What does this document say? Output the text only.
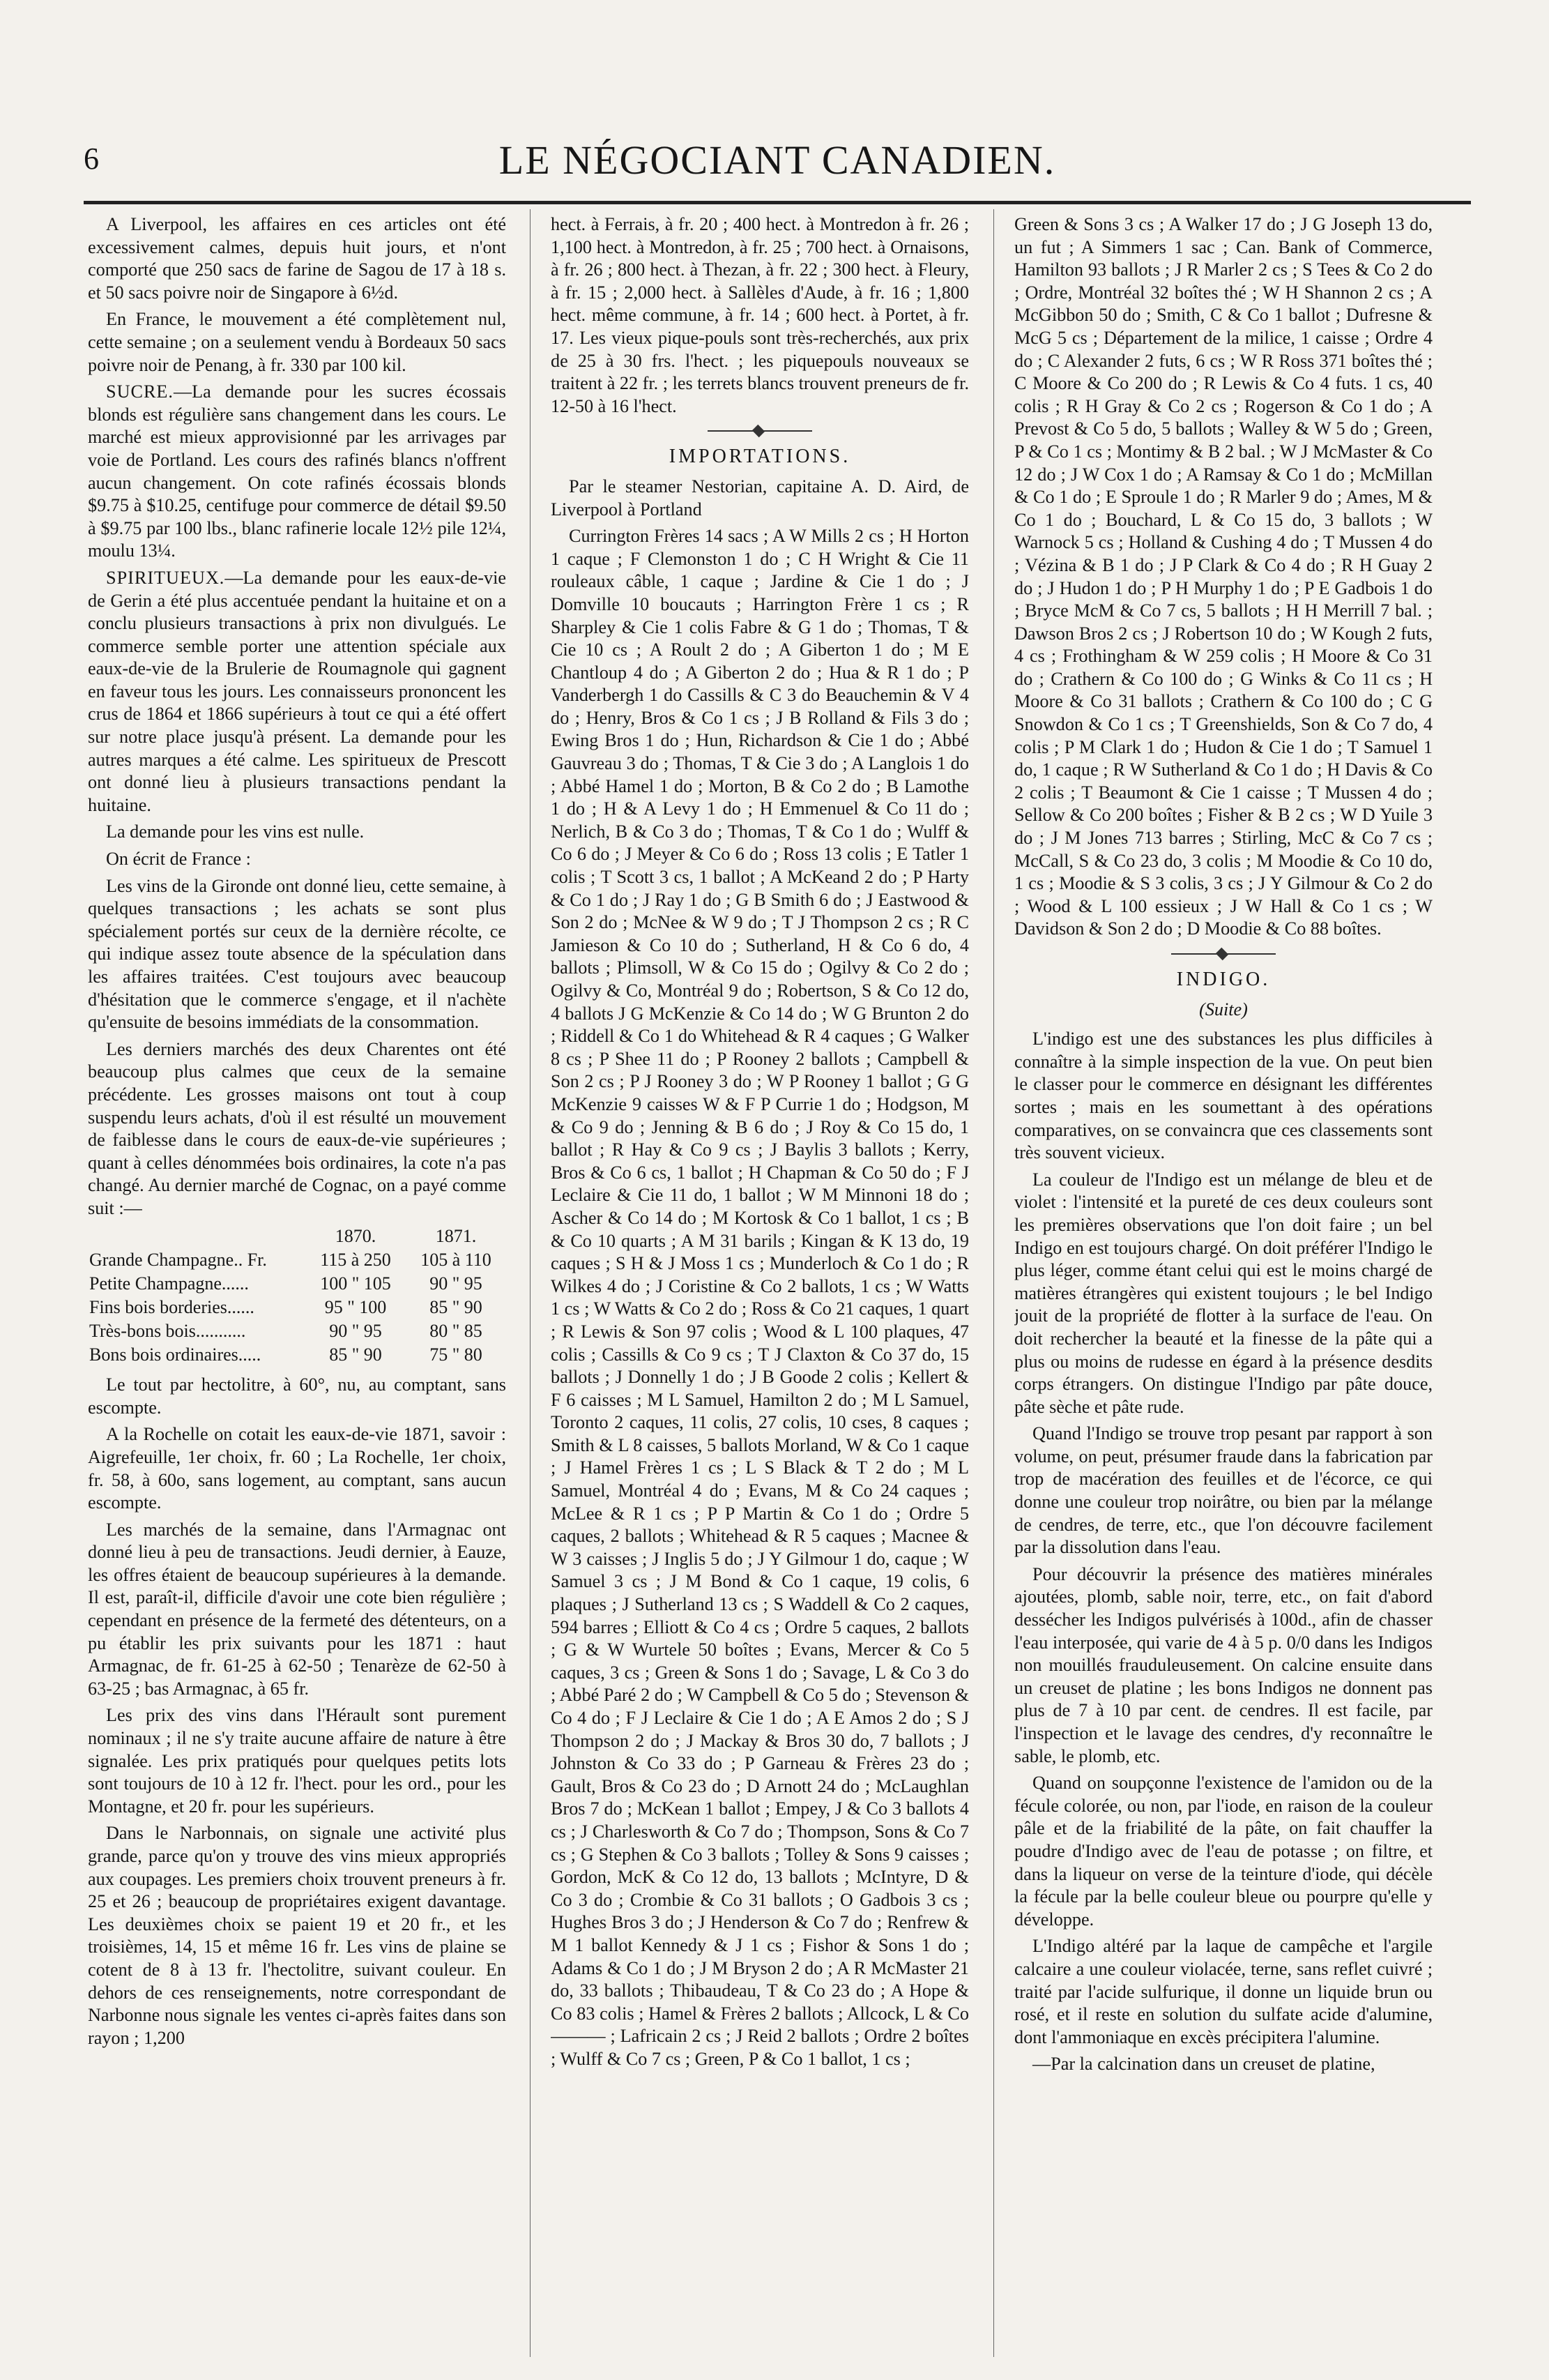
6	LE NÉGOCIANT CANADIEN.

A Liverpool, les affaires en ces articles ont été excessivement calmes, depuis huit jours, et n'ont comporté que 250 sacs de farine de Sagou de 17 à 18 s. et 50 sacs poivre noir de Singapore à 6½d.

En France, le mouvement a été complètement nul, cette semaine ; on a seulement vendu à Bordeaux 50 sacs poivre noir de Penang, à fr. 330 par 100 kil.

SUCRE.—La demande pour les sucres écossais blonds est régulière sans changement dans les cours. Le marché est mieux approvisionné par les arrivages par voie de Portland. Les cours des rafinés blancs n'offrent aucun changement. On cote rafinés écossais blonds $9.75 à $10.25, centifuge pour commerce de détail $9.50 à $9.75 par 100 lbs., blanc rafinerie locale 12½ pile 12¼, moulu 13¼.

SPIRITUEUX.—La demande pour les eaux-de-vie de Gerin a été plus accentuée pendant la huitaine et on a conclu plusieurs transactions à prix non divulgués. Le commerce semble porter une attention spéciale aux eaux-de-vie de la Brulerie de Roumagnole qui gagnent en faveur tous les jours. Les connaisseurs prononcent les crus de 1864 et 1866 supérieurs à tout ce qui a été offert sur notre place jusqu'à présent. La demande pour les autres marques a été calme. Les spiritueux de Prescott ont donné lieu à plusieurs transactions pendant la huitaine.

La demande pour les vins est nulle.

On écrit de France :

Les vins de la Gironde ont donné lieu, cette semaine, à quelques transactions ; les achats se sont plus spécialement portés sur ceux de la dernière récolte, ce qui indique assez toute absence de la spéculation dans les affaires traitées. C'est toujours avec beaucoup d'hésitation que le commerce s'engage, et il n'achète qu'ensuite de besoins immédiats de la consommation.

Les derniers marchés des deux Charentes ont été beaucoup plus calmes que ceux de la semaine précédente. Les grosses maisons ont tout à coup suspendu leurs achats, d'où il est résulté un mouvement de faiblesse dans le cours de eaux-de-vie supérieures ; quant à celles dénommées bois ordinaires, la cote n'a pas changé. Au dernier marché de Cognac, on a payé comme suit :—

	1870.	1871.
Grande Champagne.. Fr.	115 à 250	105 à 110
Petite Champagne......	100 " 105	90 " 95
Fins bois borderies......	95 " 100	85 " 90
Très-bons bois...........	90 " 95	80 " 85
Bons bois ordinaires.....	85 " 90	75 " 80

Le tout par hectolitre, à 60°, nu, au comptant, sans escompte.

A la Rochelle on cotait les eaux-de-vie 1871, savoir : Aigrefeuille, 1er choix, fr. 60 ; La Rochelle, 1er choix, fr. 58, à 60o, sans logement, au comptant, sans aucun escompte.

Les marchés de la semaine, dans l'Armagnac ont donné lieu à peu de transactions. Jeudi dernier, à Eauze, les offres étaient de beaucoup supérieures à la demande. Il est, paraît-il, difficile d'avoir une cote bien régulière ; cependant en présence de la fermeté des détenteurs, on a pu établir les prix suivants pour les 1871 : haut Armagnac, de fr. 61-25 à 62-50 ; Tenarèze de 62-50 à 63-25 ; bas Armagnac, à 65 fr.

Les prix des vins dans l'Hérault sont purement nominaux ; il ne s'y traite aucune affaire de nature à être signalée. Les prix pratiqués pour quelques petits lots sont toujours de 10 à 12 fr. l'hect. pour les ord., pour les Montagne, et 20 fr. pour les supérieurs.

Dans le Narbonnais, on signale une activité plus grande, parce qu'on y trouve des vins mieux appropriés aux coupages. Les premiers choix trouvent preneurs à fr. 25 et 26 ; beaucoup de propriétaires exigent davantage. Les deuxièmes choix se paient 19 et 20 fr., et les troisièmes, 14, 15 et même 16 fr. Les vins de plaine se cotent de 8 à 13 fr. l'hectolitre, suivant couleur. En dehors de ces renseignements, notre correspondant de Narbonne nous signale les ventes ci-après faites dans son rayon ; 1,200

hect. à Ferrais, à fr. 20 ; 400 hect. à Montredon à fr. 26 ; 1,100 hect. à Montredon, à fr. 25 ; 700 hect. à Ornaisons, à fr. 26 ; 800 hect. à Thezan, à fr. 22 ; 300 hect. à Fleury, à fr. 15 ; 2,000 hect. à Sallèles d'Aude, à fr. 16 ; 1,800 hect. même commune, à fr. 14 ; 600 hect. à Portet, à fr. 17. Les vieux pique-pouls sont très-recherchés, aux prix de 25 à 30 frs. l'hect. ; les piquepouls nouveaux se traitent à 22 fr. ; les terrets blancs trouvent preneurs de fr. 12-50 à 16 l'hect.

IMPORTATIONS.

Par le steamer Nestorian, capitaine A. D. Aird, de Liverpool à Portland

Currington Frères 14 sacs ; A W Mills 2 cs ; H Horton 1 caque ; F Clemonston 1 do ; C H Wright & Cie 11 rouleaux câble, 1 caque ; Jardine & Cie 1 do ; J Domville 10 boucauts ; Harrington Frère 1 cs ; R Sharpley & Cie 1 colis Fabre & G 1 do ; Thomas, T & Cie 10 cs ; A Roult 2 do ; A Giberton 1 do ; M E Chantloup 4 do ; A Giberton 2 do ; Hua & R 1 do ; P Vanderbergh 1 do Cassills & C 3 do Beauchemin & V 4 do ; Henry, Bros & Co 1 cs ; J B Rolland & Fils 3 do ; Ewing Bros 1 do ; Hun, Richardson & Cie 1 do ; Abbé Gauvreau 3 do ; Thomas, T & Cie 3 do ; A Langlois 1 do ; Abbé Hamel 1 do ; Morton, B & Co 2 do ; B Lamothe 1 do ; H & A Levy 1 do ; H Emmenuel & Co 11 do ; Nerlich, B & Co 3 do ; Thomas, T & Co 1 do ; Wulff & Co 6 do ; J Meyer & Co 6 do ; Ross 13 colis ; E Tatler 1 colis ; T Scott 3 cs, 1 ballot ; A McKeand 2 do ; P Harty & Co 1 do ; J Ray 1 do ; G B Smith 6 do ; J Eastwood & Son 2 do ; McNee & W 9 do ; T J Thompson 2 cs ; R C Jamieson & Co 10 do ; Sutherland, H & Co 6 do, 4 ballots ; Plimsoll, W & Co 15 do ; Ogilvy & Co 2 do ; Ogilvy & Co, Montréal 9 do ; Robertson, S & Co 12 do, 4 ballots J G McKenzie & Co 14 do ; W G Brunton 2 do ; Riddell & Co 1 do Whitehead & R 4 caques ; G Walker 8 cs ; P Shee 11 do ; P Rooney 2 ballots ; Campbell & Son 2 cs ; P J Rooney 3 do ; W P Rooney 1 ballot ; G G McKenzie 9 caisses W & F P Currie 1 do ; Hodgson, M & Co 9 do ; Jenning & B 6 do ; J Roy & Co 15 do, 1 ballot ; R Hay & Co 9 cs ; J Baylis 3 ballots ; Kerry, Bros & Co 6 cs, 1 ballot ; H Chapman & Co 50 do ; F J Leclaire & Cie 11 do, 1 ballot ; W M Minnoni 18 do ; Ascher & Co 14 do ; M Kortosk & Co 1 ballot, 1 cs ; B & Co 10 quarts ; A M 31 barils ; Kingan & K 13 do, 19 caques ; S H & J Moss 1 cs ; Munderloch & Co 1 do ; R Wilkes 4 do ; J Coristine & Co 2 ballots, 1 cs ; W Watts 1 cs ; W Watts & Co 2 do ; Ross & Co 21 caques, 1 quart ; R Lewis & Son 97 colis ; Wood & L 100 plaques, 47 colis ; Cassills & Co 9 cs ; T J Claxton & Co 37 do, 15 ballots ; J Donnelly 1 do ; J B Goode 2 colis ; Kellert & F 6 caisses ; M L Samuel, Hamilton 2 do ; M L Samuel, Toronto 2 caques, 11 colis, 27 colis, 10 cses, 8 caques ; Smith & L 8 caisses, 5 ballots Morland, W & Co 1 caque ; J Hamel Frères 1 cs ; L S Black & T 2 do ; M L Samuel, Montréal 4 do ; Evans, M & Co 24 caques ; McLee & R 1 cs ; P P Martin & Co 1 do ; Ordre 5 caques, 2 ballots ; Whitehead & R 5 caques ; Macnee & W 3 caisses ; J Inglis 5 do ; J Y Gilmour 1 do, caque ; W Samuel 3 cs ; J M Bond & Co 1 caque, 19 colis, 6 plaques ; J Sutherland 13 cs ; S Waddell & Co 2 caques, 594 barres ; Elliott & Co 4 cs ; Ordre 5 caques, 2 ballots ; G & W Wurtele 50 boîtes ; Evans, Mercer & Co 5 caques, 3 cs ; Green & Sons 1 do ; Savage, L & Co 3 do ; Abbé Paré 2 do ; W Campbell & Co 5 do ; Stevenson & Co 4 do ; F J Leclaire & Cie 1 do ; A E Amos 2 do ; S J Thompson 2 do ; J Mackay & Bros 30 do, 7 ballots ; J Johnston & Co 33 do ; P Garneau & Frères 23 do ; Gault, Bros & Co 23 do ; D Arnott 24 do ; McLaughlan Bros 7 do ; McKean 1 ballot ; Empey, J & Co 3 ballots 4 cs ; J Charlesworth & Co 7 do ; Thompson, Sons & Co 7 cs ; G Stephen & Co 3 ballots ; Tolley & Sons 9 caisses ; Gordon, McK & Co 12 do, 13 ballots ; McIntyre, D & Co 3 do ; Crombie & Co 31 ballots ; O Gadbois 3 cs ; Hughes Bros 3 do ; J Henderson & Co 7 do ; Renfrew & M 1 ballot Kennedy & J 1 cs ; Fishor & Sons 1 do ; Adams & Co 1 do ; J M Bryson 2 do ; A R McMaster 21 do, 33 ballots ; Thibaudeau, T & Co 23 do ; A Hope & Co 83 colis ; Hamel & Frères 2 ballots ; Allcock, L & Co ——— ; Lafricain 2 cs ; J Reid 2 ballots ; Ordre 2 boîtes ; Wulff & Co 7 cs ; Green, P & Co 1 ballot, 1 cs ;

Green & Sons 3 cs ; A Walker 17 do ; J G Joseph 13 do, un fut ; A Simmers 1 sac ; Can. Bank of Commerce, Hamilton 93 ballots ; J R Marler 2 cs ; S Tees & Co 2 do ; Ordre, Montréal 32 boîtes thé ; W H Shannon 2 cs ; A McGibbon 50 do ; Smith, C & Co 1 ballot ; Dufresne & McG 5 cs ; Département de la milice, 1 caisse ; Ordre 4 do ; C Alexander 2 futs, 6 cs ; W R Ross 371 boîtes thé ; C Moore & Co 200 do ; R Lewis & Co 4 futs. 1 cs, 40 colis ; R H Gray & Co 2 cs ; Rogerson & Co 1 do ; A Prevost & Co 5 do, 5 ballots ; Walley & W 5 do ; Green, P & Co 1 cs ; Montimy & B 2 bal. ; W J McMaster & Co 12 do ; J W Cox 1 do ; A Ramsay & Co 1 do ; McMillan & Co 1 do ; E Sproule 1 do ; R Marler 9 do ; Ames, M & Co 1 do ; Bouchard, L & Co 15 do, 3 ballots ; W Warnock 5 cs ; Holland & Cushing 4 do ; T Mussen 4 do ; Vézina & B 1 do ; J P Clark & Co 4 do ; R H Guay 2 do ; J Hudon 1 do ; P H Murphy 1 do ; P E Gadbois 1 do ; Bryce McM & Co 7 cs, 5 ballots ; H H Merrill 7 bal. ; Dawson Bros 2 cs ; J Robertson 10 do ; W Kough 2 futs, 4 cs ; Frothingham & W 259 colis ; H Moore & Co 31 do ; Crathern & Co 100 do ; G Winks & Co 11 cs ; H Moore & Co 31 ballots ; Crathern & Co 100 do ; C G Snowdon & Co 1 cs ; T Greenshields, Son & Co 7 do, 4 colis ; P M Clark 1 do ; Hudon & Cie 1 do ; T Samuel 1 do, 1 caque ; R W Sutherland & Co 1 do ; H Davis & Co 2 colis ; T Beaumont & Cie 1 caisse ; T Mussen 4 do ; Sellow & Co 200 boîtes ; Fisher & B 2 cs ; W D Yuile 3 do ; J M Jones 713 barres ; Stirling, McC & Co 7 cs ; McCall, S & Co 23 do, 3 colis ; M Moodie & Co 10 do, 1 cs ; Moodie & S 3 colis, 3 cs ; J Y Gilmour & Co 2 do ; Wood & L 100 essieux ; J W Hall & Co 1 cs ; W Davidson & Son 2 do ; D Moodie & Co 88 boîtes.

INDIGO.
(Suite)

L'indigo est une des substances les plus difficiles à connaître à la simple inspection de la vue. On peut bien le classer pour le commerce en désignant les différentes sortes ; mais en les soumettant à des opérations comparatives, on se convaincra que ces classements sont très souvent vicieux.

La couleur de l'Indigo est un mélange de bleu et de violet : l'intensité et la pureté de ces deux couleurs sont les premières observations que l'on doit faire ; un bel Indigo en est toujours chargé. On doit préférer l'Indigo le plus léger, comme étant celui qui est le moins chargé de matières étrangères qui existent toujours ; le bel Indigo jouit de la propriété de flotter à la surface de l'eau. On doit rechercher la beauté et la finesse de la pâte qui a plus ou moins de rudesse en égard à la présence desdits corps étrangers. On distingue l'Indigo par pâte douce, pâte sèche et pâte rude.

Quand l'Indigo se trouve trop pesant par rapport à son volume, on peut, présumer fraude dans la fabrication par trop de macération des feuilles et de l'écorce, ce qui donne une couleur trop noirâtre, ou bien par la mélange de cendres, de terre, etc., que l'on découvre facilement par la dissolution dans l'eau.

Pour découvrir la présence des matières minérales ajoutées, plomb, sable noir, terre, etc., on fait d'abord dessécher les Indigos pulvérisés à 100d., afin de chasser l'eau interposée, qui varie de 4 à 5 p. 0/0 dans les Indigos non mouillés frauduleusement. On calcine ensuite dans un creuset de platine ; les bons Indigos ne donnent pas plus de 7 à 10 par cent. de cendres. Il est facile, par l'inspection et le lavage des cendres, d'y reconnaître le sable, le plomb, etc.

Quand on soupçonne l'existence de l'amidon ou de la fécule colorée, ou non, par l'iode, en raison de la couleur pâle et de la friabilité de la pâte, on fait chauffer la poudre d'Indigo avec de l'eau de potasse ; on filtre, et dans la liqueur on verse de la teinture d'iode, qui décèle la fécule par la belle couleur bleue ou pourpre qu'elle y développe.

L'Indigo altéré par la laque de campêche et l'argile calcaire a une couleur violacée, terne, sans reflet cuivré ; traité par l'acide sulfurique, il donne un liquide brun ou rosé, et il reste en solution du sulfate acide d'alumine, dont l'ammoniaque en excès précipitera l'alumine.

—Par la calcination dans un creuset de platine,
